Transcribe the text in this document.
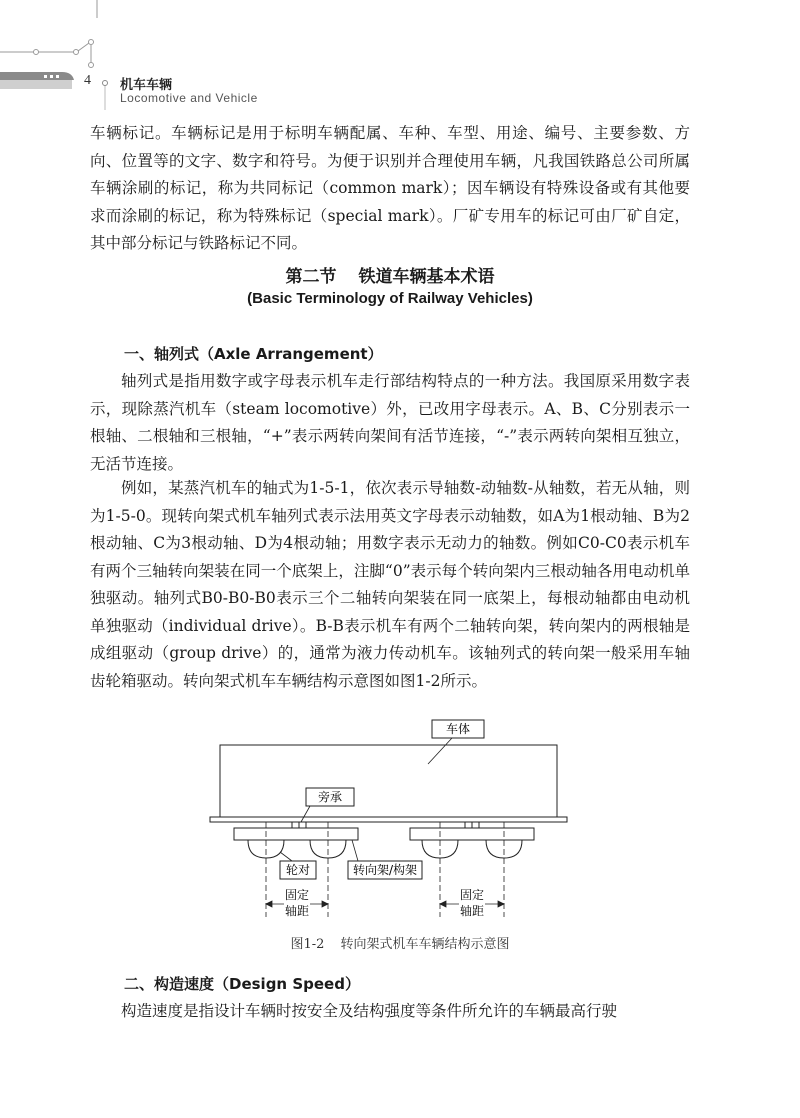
4 机车车辆
Locomotive and Vehicle

车辆标记。车辆标记是用于标明车辆配属、车种、车型、用途、编号、主要参数、方向、位置等的文字、数字和符号。为便于识别并合理使用车辆，凡我国铁路总公司所属车辆涂刷的标记，称为共同标记（common mark）；因车辆设有特殊设备或有其他要求而涂刷的标记，称为特殊标记（special mark）。厂矿专用车的标记可由厂矿自定，其中部分标记与铁路标记不同。

第二节 铁道车辆基本术语
(Basic Terminology of Railway Vehicles)
一、轴列式（Axle Arrangement）

轴列式是指用数字或字母表示机车走行部结构特点的一种方法。我国原采用数字表示，现除蒸汽机车（steam locomotive）外，已改用字母表示。A、B、C分别表示一根轴、二根轴和三根轴，“+”表示两转向架间有活节连接，“-”表示两转向架相互独立，无活节连接。

例如，某蒸汽机车的轴式为1-5-1，依次表示导轴数-动轴数-从轴数，若无从轴，则为1-5-0。现转向架式机车轴列式表示法用英文字母表示动轴数，如A为1根动轴、B为2根动轴、C为3根动轴、D为4根动轴；用数字表示无动力的轴数。例如C0-C0表示机车有两个三轴转向架装在同一个底架上，注脚“0”表示每个转向架内三根动轴各用电动机单独驱动。轴列式B0-B0-B0表示三个二轴转向架装在同一底架上，每根动轴都由电动机单独驱动（individual drive）。B-B表示机车有两个二轴转向架，转向架内的两根轴是成组驱动（group drive）的，通常为液力传动机车。该轴列式的转向架一般采用车轴齿轮箱驱动。转向架式机车车辆结构示意图如图1-2所示。

车体
旁承
轮对	转向架/构架
固定
轴距
固定
轴距
图1-2 转向架式机车车辆结构示意图
二、构造速度（Design Speed）

构造速度是指设计车辆时按安全及结构强度等条件所允许的车辆最高行驶
